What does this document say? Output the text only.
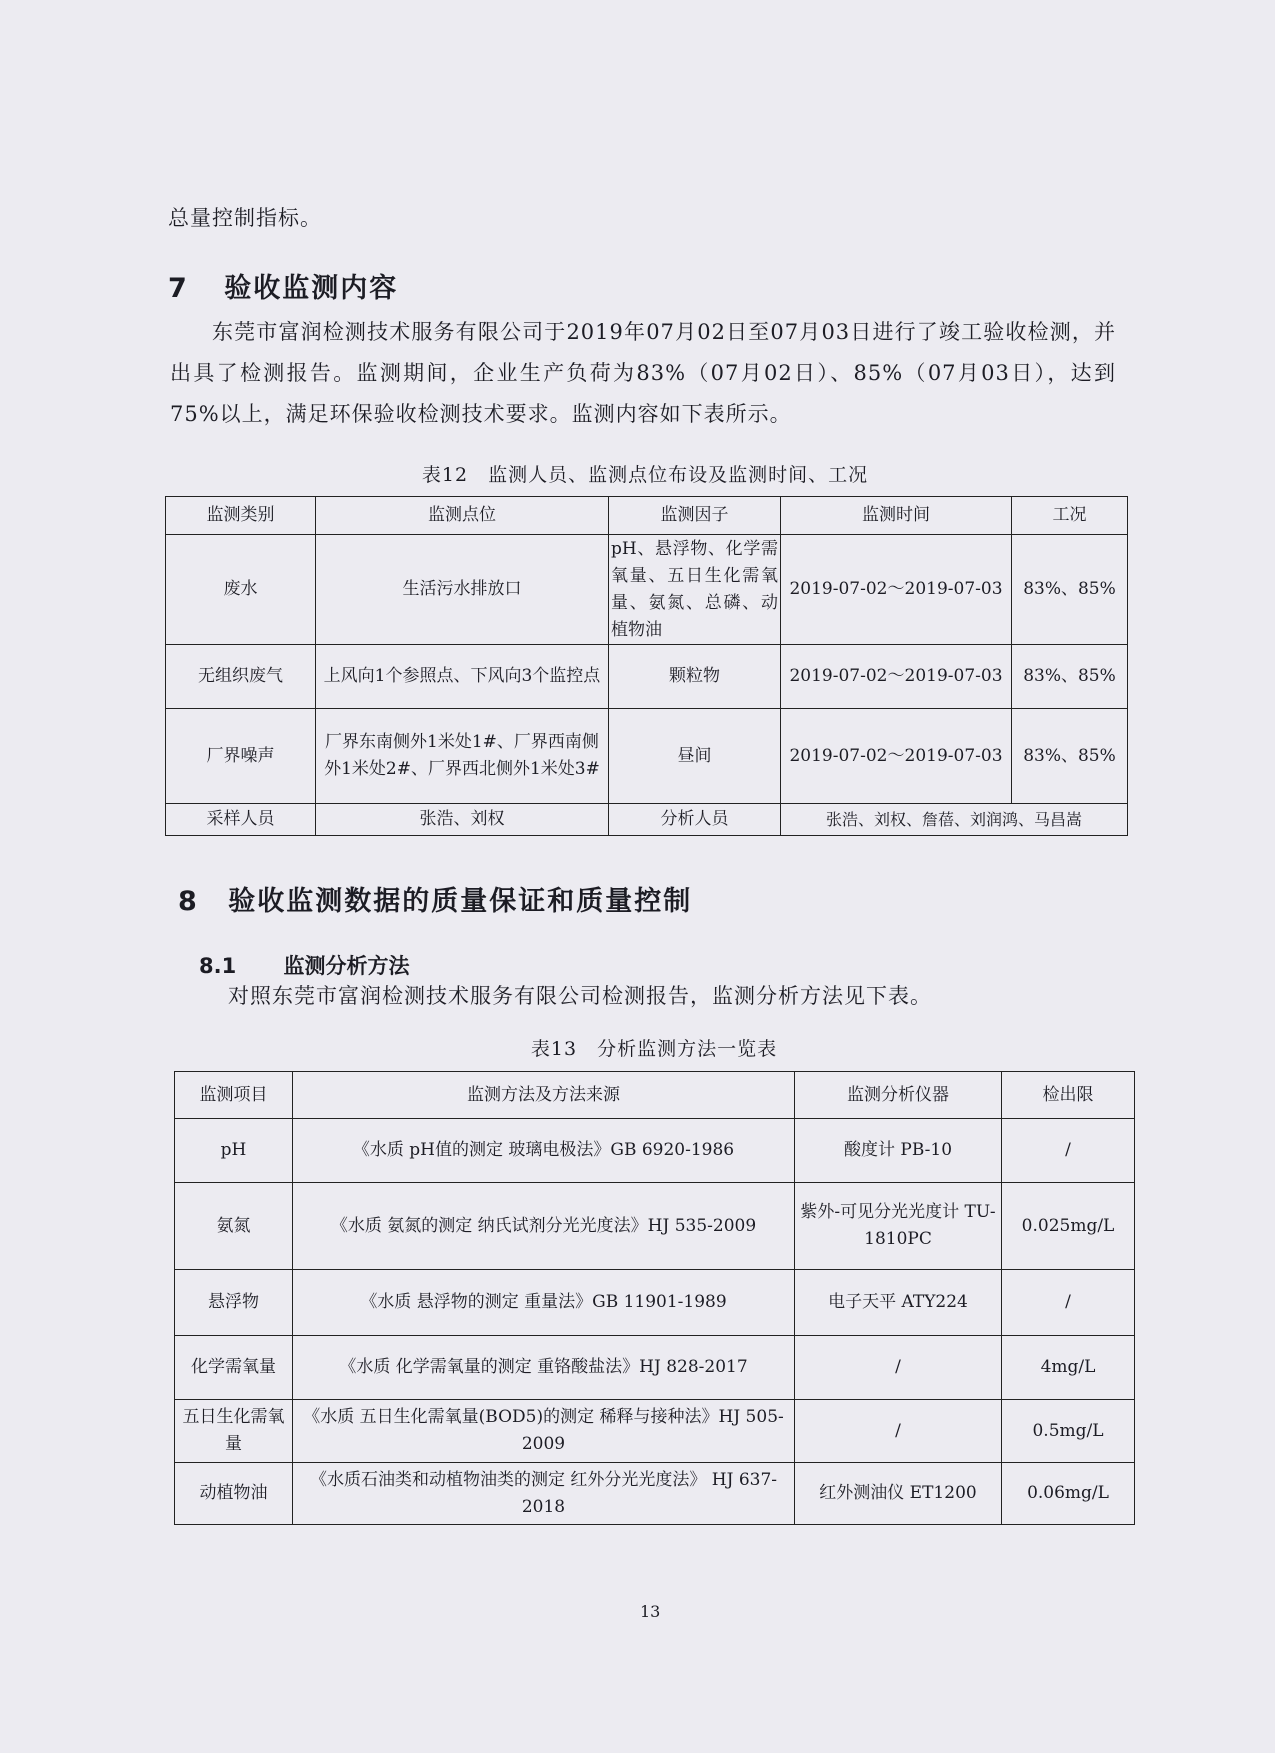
总量控制指标。
7 验收监测内容
东莞市富润检测技术服务有限公司于2019年07月02日至07月03日进行了竣工验收检测，并出具了检测报告。监测期间，企业生产负荷为83%（07月02日）、85%（07月03日），达到75%以上，满足环保验收检测技术要求。监测内容如下表所示。
表12　监测人员、监测点位布设及监测时间、工况
监测类别	监测点位	监测因子	监测时间	工况
废水	生活污水排放口	pH、悬浮物、化学需氧量、五日生化需氧量、氨氮、总磷、动植物油	2019-07-02～2019-07-03	83%、85%
无组织废气	上风向1个参照点、下风向3个监控点	颗粒物	2019-07-02～2019-07-03	83%、85%
厂界噪声	厂界东南侧外1米处1#、厂界西南侧外1米处2#、厂界西北侧外1米处3#	昼间	2019-07-02～2019-07-03	83%、85%
采样人员	张浩、刘权	分析人员	张浩、刘权、詹蓓、刘润鸿、马昌嵩	
8 验收监测数据的质量保证和质量控制
8.1 监测分析方法
对照东莞市富润检测技术服务有限公司检测报告，监测分析方法见下表。
表13　分析监测方法一览表
监测项目	监测方法及方法来源	监测分析仪器	检出限
pH	《水质 pH值的测定 玻璃电极法》GB 6920-1986	酸度计 PB-10	/
氨氮	《水质 氨氮的测定 纳氏试剂分光光度法》HJ 535-2009	紫外-可见分光光度计 TU-1810PC	0.025mg/L
悬浮物	《水质 悬浮物的测定 重量法》GB 11901-1989	电子天平 ATY224	/
化学需氧量	《水质 化学需氧量的测定 重铬酸盐法》HJ 828-2017	/	4mg/L
五日生化需氧量	《水质 五日生化需氧量(BOD5)的测定 稀释与接种法》HJ 505-2009	/	0.5mg/L
动植物油	《水质石油类和动植物油类的测定 红外分光光度法》 HJ 637-2018	红外测油仪 ET1200	0.06mg/L
13
